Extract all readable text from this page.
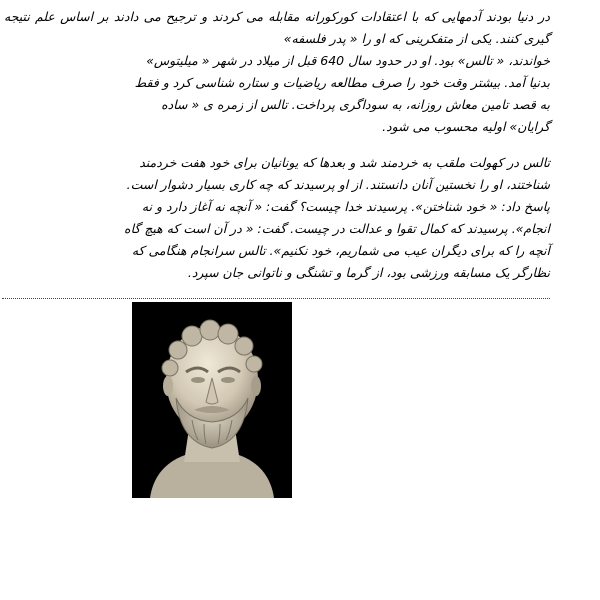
در دنیا بودند آدمهایی که با اعتقادات کورکورانه مقابله می کردند و ترجیح می دادند بر اساس علم نتیجه گیری کنند. یکی از متفکرینی که او را « پدر فلسفه»
خواندند، « تالس» بود. او در حدود سال 640 قبل از میلاد در شهر « میلیتوس»
بدنیا آمد. بیشتر وقت خود را صرف مطالعه ریاضیات و ستاره شناسی کرد و فقط
به قصد تامین معاش روزانه، به سوداگری پرداخت. تالس از زمره ی « ساده
گرایان» اولیه محسوب می شود.

تالس در کهولت ملقب به خردمند شد و بعدها که یونانیان برای خود هفت خردمند
شناختند، او را نخستین آنان دانستند. از او پرسیدند که چه کاری بسیار دشوار است.
پاسخ داد: « خود شناختن». پرسیدند خدا چیست؟ گفت: « آنچه نه آغاز دارد و نه
انجام». پرسیدند که کمال تقوا و عدالت در چیست. گفت: « در آن است که هیچ گاه
آنچه را که برای دیگران عیب می شماریم، خود نکنیم». تالس سرانجام هنگامی که
نظارگر یک مسابقه ورزشی بود، از گرما و تشنگی و ناتوانی جان سپرد.
